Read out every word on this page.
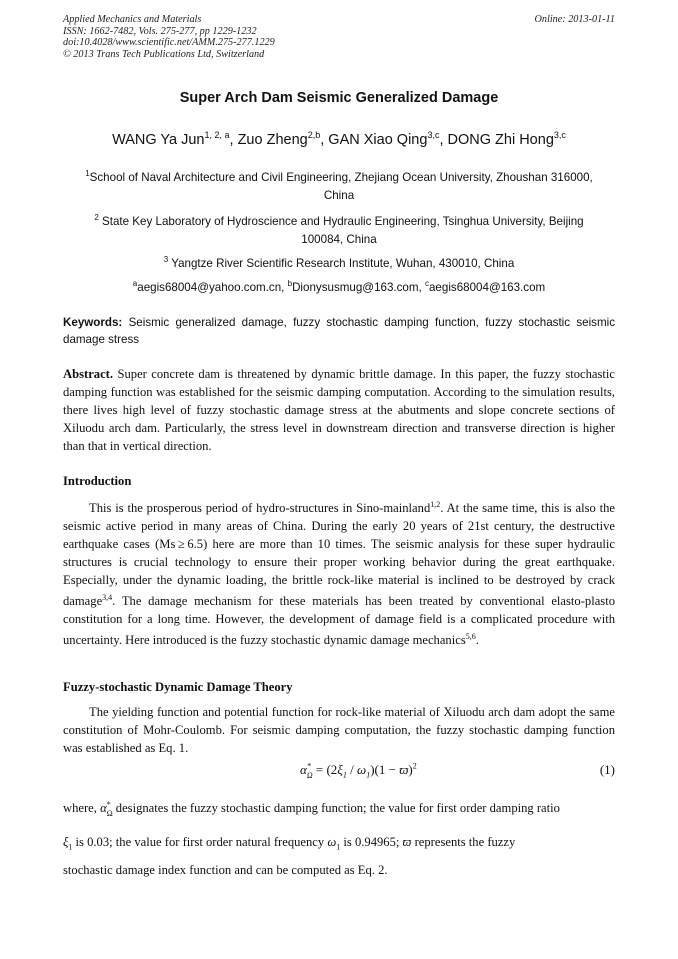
Applied Mechanics and Materials
ISSN: 1662-7482, Vols. 275-277, pp 1229-1232
doi:10.4028/www.scientific.net/AMM.275-277.1229
© 2013 Trans Tech Publications Ltd, Switzerland
Online: 2013-01-11
Super Arch Dam Seismic Generalized Damage
WANG Ya Jun$^{1, 2, a}$, Zuo Zheng$^{2,b}$, GAN Xiao Qing$^{3,c}$, DONG Zhi Hong$^{3,c}$
$^1$School of Naval Architecture and Civil Engineering, Zhejiang Ocean University, Zhoushan 316000,
China
$^2$ State Key Laboratory of Hydroscience and Hydraulic Engineering, Tsinghua University, Beijing
100084, China
$^3$ Yangtze River Scientific Research Institute, Wuhan, 430010, China
$^a$aegis68004@yahoo.com.cn, $^b$Dionysusmug@163.com, $^c$aegis68004@163.com
Keywords: Seismic generalized damage, fuzzy stochastic damping function, fuzzy stochastic seismic damage stress
Abstract. Super concrete dam is threatened by dynamic brittle damage. In this paper, the fuzzy stochastic damping function was established for the seismic damping computation. According to the simulation results, there lives high level of fuzzy stochastic damage stress at the abutments and slope concrete sections of Xiluodu arch dam. Particularly, the stress level in downstream direction and transverse direction is higher than that in vertical direction.
Introduction
This is the prosperous period of hydro-structures in Sino-mainland$^{1,2}$. At the same time, this is also the seismic active period in many areas of China. During the early 20 years of 21st century, the destructive earthquake cases (Ms ≥ 6.5) here are more than 10 times. The seismic analysis for these super hydraulic structures is crucial technology to ensure their proper working behavior during the great earthquake. Especially, under the dynamic loading, the brittle rock-like material is inclined to be destroyed by crack damage$^{3,4}$. The damage mechanism for these materials has been treated by conventional elasto-plasto constitution for a long time. However, the development of damage field is a complicated procedure with uncertainty. Here introduced is the fuzzy stochastic dynamic damage mechanics$^{5,6}$.
Fuzzy-stochastic Dynamic Damage Theory
The yielding function and potential function for rock-like material of Xiluodu arch dam adopt the same constitution of Mohr-Coulomb. For seismic damping computation, the fuzzy stochastic damping function was established as Eq. 1.
$\alpha^*_\Omega = (2\xi_1 / \omega_1)(1 - ϖ)^2$	(1)
where, $\alpha^*_\Omega$ designates the fuzzy stochastic damping function; the value for first order damping ratio
$\xi_1$ is 0.03; the value for first order natural frequency $\omega_1$ is 0.94965; ϖ represents the fuzzy
stochastic damage index function and can be computed as Eq. 2.
